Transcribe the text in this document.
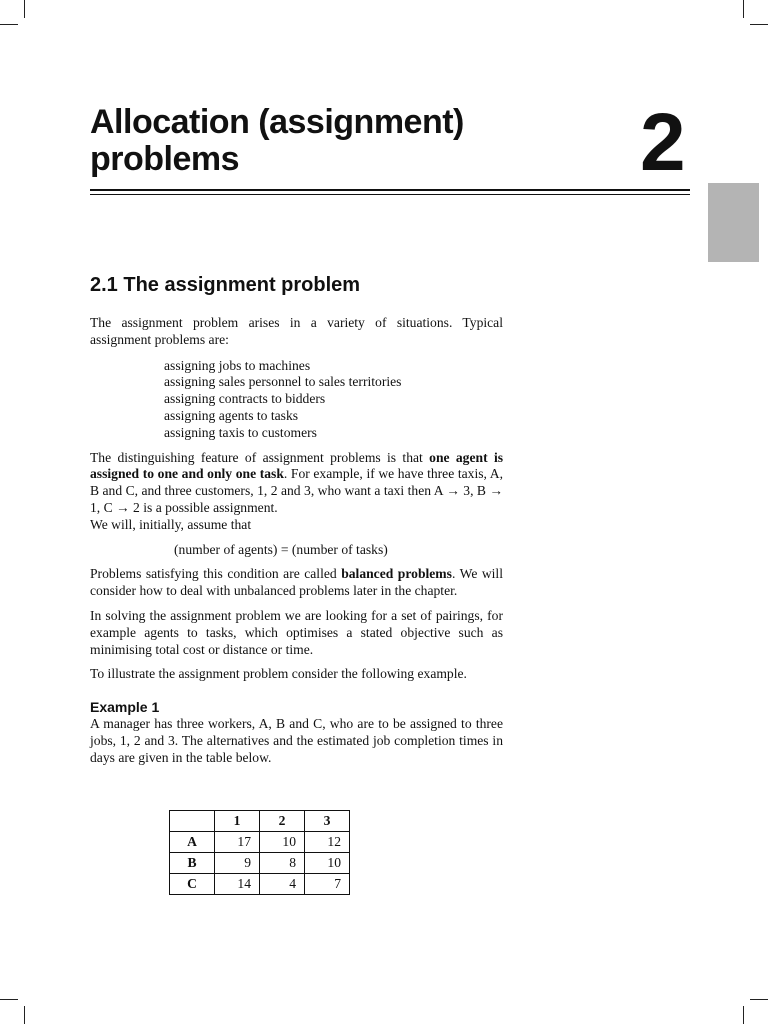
Allocation (assignment) problems	2
2.1 The assignment problem

The assignment problem arises in a variety of situations. Typical assignment problems are:

assigning jobs to machines
assigning sales personnel to sales territories
assigning contracts to bidders
assigning agents to tasks
assigning taxis to customers

The distinguishing feature of assignment problems is that one agent is assigned to one and only one task. For example, if we have three taxis, A, B and C, and three customers, 1, 2 and 3, who want a taxi then A → 3, B → 1, C → 2 is a possible assignment.

We will, initially, assume that

(number of agents) = (number of tasks)

Problems satisfying this condition are called balanced problems. We will consider how to deal with unbalanced problems later in the chapter.

In solving the assignment problem we are looking for a set of pairings, for example agents to tasks, which optimises a stated objective such as minimising total cost or distance or time.

To illustrate the assignment problem consider the following example.

Example 1

A manager has three workers, A, B and C, who are to be assigned to three jobs, 1, 2 and 3. The alternatives and the estimated job completion times in days are given in the table below.

	1	2	3
A	17	10	12
B	9	8	10
C	14	4	7
